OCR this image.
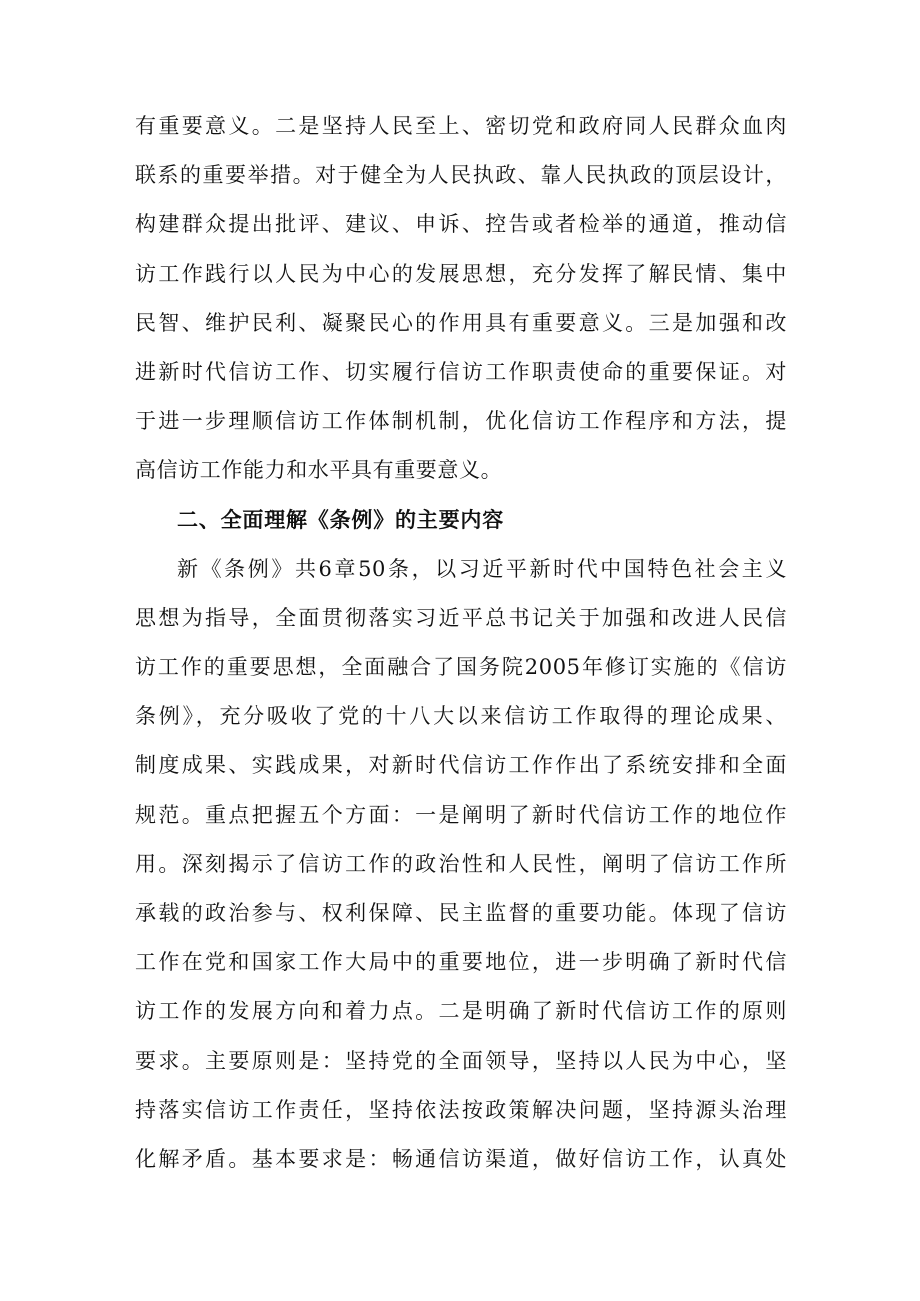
有重要意义。二是坚持人民至上、密切党和政府同人民群众血肉
联系的重要举措。对于健全为人民执政、靠人民执政的顶层设计，
构建群众提出批评、建议、申诉、控告或者检举的通道，推动信
访工作践行以人民为中心的发展思想，充分发挥了解民情、集中
民智、维护民利、凝聚民心的作用具有重要意义。三是加强和改
进新时代信访工作、切实履行信访工作职责使命的重要保证。对
于进一步理顺信访工作体制机制，优化信访工作程序和方法，提
高信访工作能力和水平具有重要意义。
二、全面理解《条例》的主要内容
新《条例》共6章50条，以习近平新时代中国特色社会主义
思想为指导，全面贯彻落实习近平总书记关于加强和改进人民信
访工作的重要思想，全面融合了国务院2005年修订实施的《信访
条例》，充分吸收了党的十八大以来信访工作取得的理论成果、
制度成果、实践成果，对新时代信访工作作出了系统安排和全面
规范。重点把握五个方面：一是阐明了新时代信访工作的地位作
用。深刻揭示了信访工作的政治性和人民性，阐明了信访工作所
承载的政治参与、权利保障、民主监督的重要功能。体现了信访
工作在党和国家工作大局中的重要地位，进一步明确了新时代信
访工作的发展方向和着力点。二是明确了新时代信访工作的原则
要求。主要原则是：坚持党的全面领导，坚持以人民为中心，坚
持落实信访工作责任，坚持依法按政策解决问题，坚持源头治理
化解矛盾。基本要求是：畅通信访渠道，做好信访工作，认真处
